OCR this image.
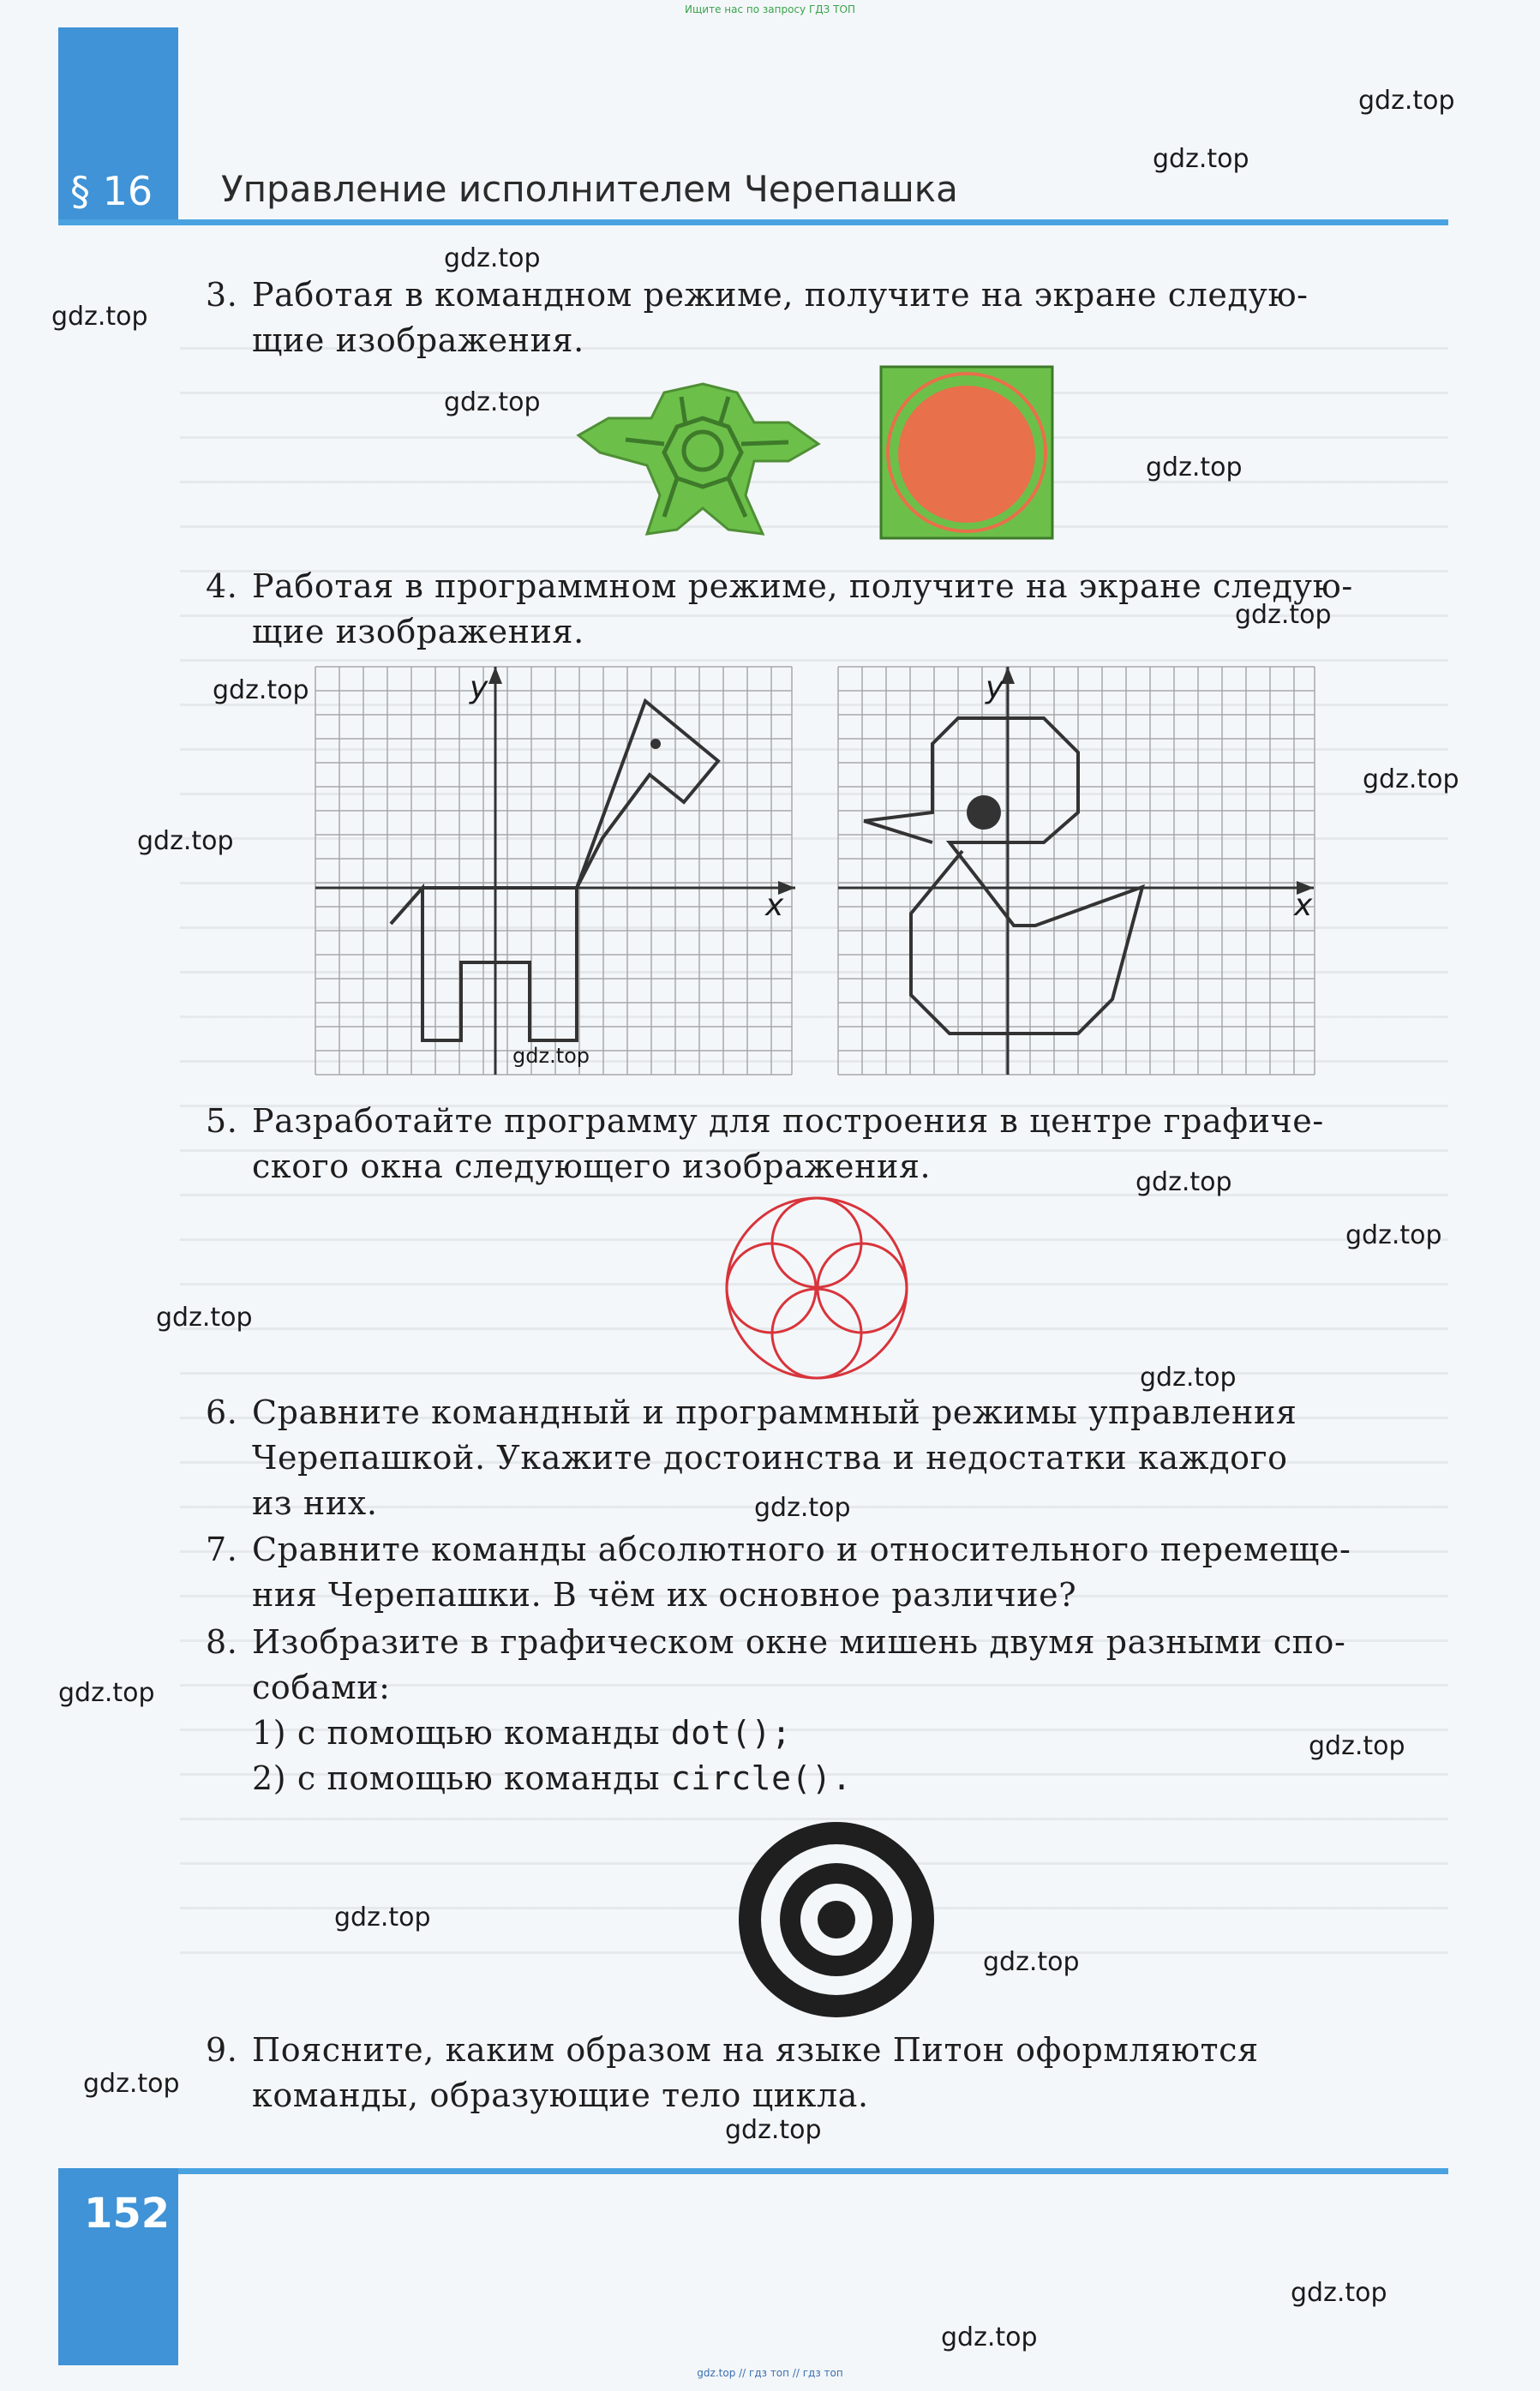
Ищите нас по запросу ГДЗ ТОП
§ 16 Управление исполнителем Черепашка
3. Работая в командном режиме, получите на экране следую-
щие изображения.
4. Работая в программном режиме, получите на экране следую-
щие изображения.
y
x
y
x
5. Разработайте программу для построения в центре графиче-
ского окна следующего изображения.
6. Сравните командный и программный режимы управления
Черепашкой. Укажите достоинства и недостатки каждого
из них.
7. Сравните команды абсолютного и относительного перемеще-
ния Черепашки. В чём их основное различие?
8. Изобразите в графическом окне мишень двумя разными спо-
собами:
1) с помощью команды dot();
2) с помощью команды circle().
9. Поясните, каким образом на языке Питон оформляются
команды, образующие тело цикла.
152
gdz.top
gdz.top
gdz.top
gdz.top
gdz.top
gdz.top
gdz.top
gdz.top
gdz.top
gdz.top
gdz.top
gdz.top
gdz.top
gdz.top
gdz.top
gdz.top
gdz.top
gdz.top
gdz.top
gdz.top
gdz.top
gdz.top
gdz.top
gdz.top
gdz.top // гдз топ // гдз топ
